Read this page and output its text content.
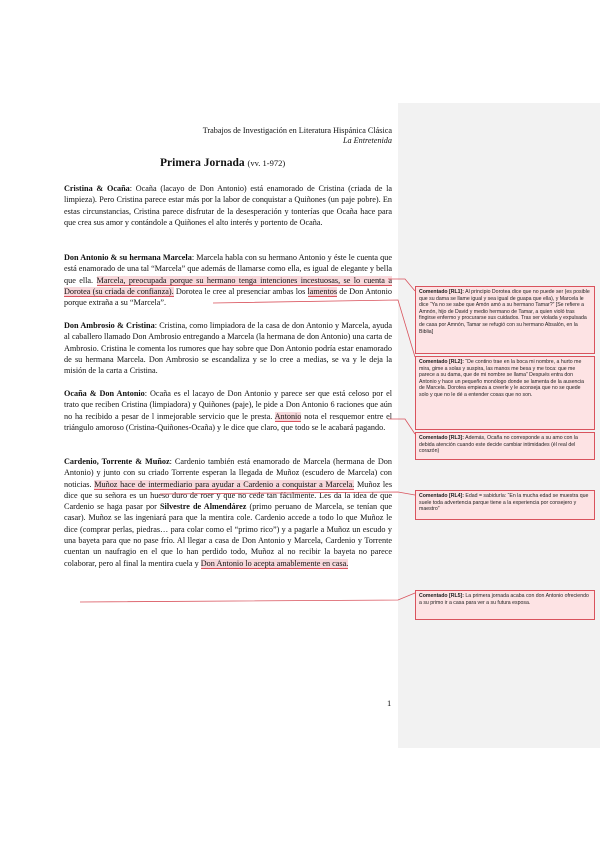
Trabajos de Investigación en Literatura Hispánica Clásica
La Entretenida
Primera Jornada (vv. 1-972)
Cristina & Ocaña: Ocaña (lacayo de Don Antonio) está enamorado de Cristina (criada de la limpieza). Pero Cristina parece estar más por la labor de conquistar a Quiñones (un paje pobre). En estas circunstancias, Cristina parece disfrutar de la desesperación y tonterías que Ocaña hace para que crea sus amor y contándole a Quiñones el alto interés y portento de Ocaña.
Don Antonio & su hermana Marcela: Marcela habla con su hermano Antonio y éste le cuenta que está enamorado de una tal “Marcela” que además de llamarse como ella, es igual de elegante y bella que ella. Marcela, preocupada porque su hermano tenga intenciones incestuosas, se lo cuenta a Dorotea (su criada de confianza). Dorotea le cree al presenciar ambas los lamentos de Don Antonio porque extraña a su “Marcela”.
Don Ambrosio & Cristina: Cristina, como limpiadora de la casa de don Antonio y Marcela, ayuda al caballero llamado Don Ambrosio entregando a Marcela (la hermana de don Antonio) una carta de Ambrosio. Cristina le comenta los rumores que hay sobre que Don Antonio podría estar enamorado de su hermana Marcela. Don Ambrosio se escandaliza y se lo cree a medias, se va y le deja la misión de la carta a Cristina.
Ocaña & Don Antonio: Ocaña es el lacayo de Don Antonio y parece ser que está celoso por el trato que reciben Cristina (limpiadora) y Quiñones (paje), le pide a Don Antonio 6 raciones que aún no ha recibido a pesar de l inmejorable servicio que le presta. Antonio nota el resquemor entre el triángulo amoroso (Cristina-Quiñones-Ocaña) y le dice que claro, que todo se le acabará pagando.
Cardenio, Torrente & Muñoz: Cardenio también está enamorado de Marcela (hermana de Don Antonio) y junto con su criado Torrente esperan la llegada de Muñoz (escudero de Marcela) con noticias. Muñoz hace de intermediario para ayudar a Cardenio a conquistar a Marcela. Muñoz les dice que su señora es un hueso duro de roer y que no cede tan fácilmente. Les da la idea de que Cardenio se haga pasar por Silvestre de Almendárez (primo peruano de Marcela, se tenían que casar). Muñoz se las ingeniará para que la mentira cole. Cardenio accede a todo lo que Muñoz le dice (comprar perlas, piedras… para colar como el “primo rico”) y a pagarle a Muñoz un escudo y una bayeta para que no pase frío. Al llegar a casa de Don Antonio y Marcela, Cardenio y Torrente cuentan un naufragio en el que lo han perdido todo, Muñoz al no recibir la bayeta no parece colaborar, pero al final la mentira cuela y Don Antonio lo acepta amablemente en casa.
Comentado [RL1]: Al principio Dorotea dice que no puede ser (es posible que su dama se llame igual y sea igual de guapa que ella), y Marcela le dice “Ya no se sabe que Amón amó a su hermano Tamar?” [Se refiere a Amnón, hijo de David y medio hermano de Tamar, a quien violó tras fingirse enfermo y procurarse sus cuidados. Tras ser violada y expulsada de casa por Amnón, Tamar se refugió con su hermano Absalón, en la Biblia]
Comentado [RL2]: “De contino trae en la boca mi nombre, a hurto me mira, gime a solas y suspira, las manos me besa y me toca: que me parece a su dama, que de mi nombre se llama” Después entra don Antonio y hace un pequeño monólogo donde se lamenta de la ausencia de Marcela. Dorotea empieza a creerle y le aconseja que no se quede solo y que no le dé a entender cosas que no son.
Comentado [RL3]: Además, Ocaña no corresponde a su amo con la debida atención cuando este decide cambiar intimidades (él real del corazón)
Comentado [RL4]: Edad = sabiduría: “En la mucha edad se muestra que suele toda advertencia parque tiene a la experiencia por consejero y maestro”
Comentado [RL5]: La primera jornada acaba con don Antonio ofreciendo a su primo ir a casa para ver a su futura esposa.
1
